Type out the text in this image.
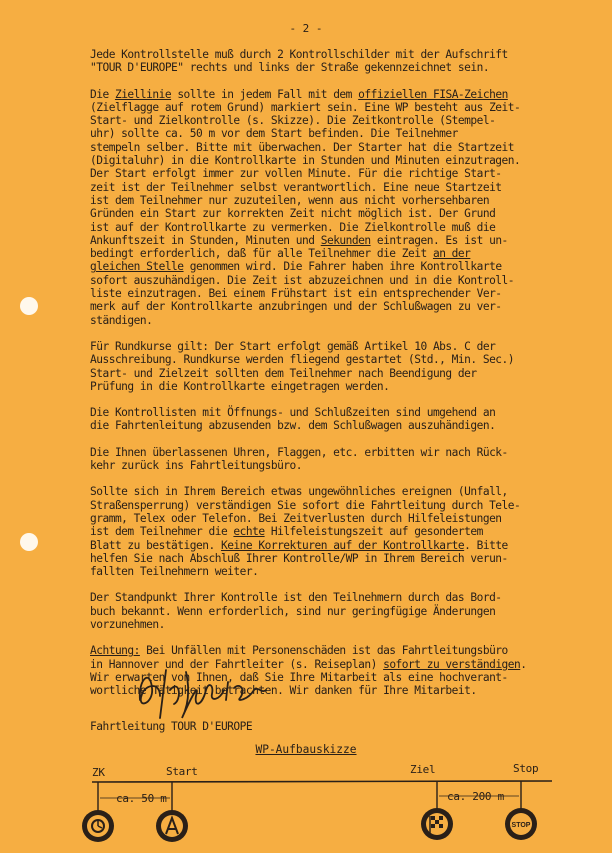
- 2 -

Jede Kontrollstelle muß durch 2 Kontrollschilder mit der Aufschrift
"TOUR D'EUROPE" rechts und links der Straße gekennzeichnet sein.

Die Ziellinie sollte in jedem Fall mit dem offiziellen FISA-Zeichen
(Zielflagge auf rotem Grund) markiert sein. Eine WP besteht aus Zeit-
Start- und Zielkontrolle (s. Skizze). Die Zeitkontrolle (Stempel-
uhr) sollte ca. 50 m vor dem Start befinden. Die Teilnehmer
stempeln selber. Bitte mit überwachen. Der Starter hat die Startzeit
(Digitaluhr) in die Kontrollkarte in Stunden und Minuten einzutragen.
Der Start erfolgt immer zur vollen Minute. Für die richtige Start-
zeit ist der Teilnehmer selbst verantwortlich. Eine neue Startzeit
ist dem Teilnehmer nur zuzuteilen, wenn aus nicht vorhersehbaren
Gründen ein Start zur korrekten Zeit nicht möglich ist. Der Grund
ist auf der Kontrollkarte zu vermerken. Die Zielkontrolle muß die
Ankunftszeit in Stunden, Minuten und Sekunden eintragen. Es ist un-
bedingt erforderlich, daß für alle Teilnehmer die Zeit an der
gleichen Stelle genommen wird. Die Fahrer haben ihre Kontrollkarte
sofort auszuhändigen. Die Zeit ist abzuzeichnen und in die Kontroll-
liste einzutragen. Bei einem Frühstart ist ein entsprechender Ver-
merk auf der Kontrollkarte anzubringen und der Schlußwagen zu ver-
ständigen.

Für Rundkurse gilt: Der Start erfolgt gemäß Artikel 10 Abs. C der
Ausschreibung. Rundkurse werden fliegend gestartet (Std., Min. Sec.)
Start- und Zielzeit sollten dem Teilnehmer nach Beendigung der
Prüfung in die Kontrollkarte eingetragen werden.

Die Kontrollisten mit Öffnungs- und Schlußzeiten sind umgehend an
die Fahrtenleitung abzusenden bzw. dem Schlußwagen auszuhändigen.

Die Ihnen überlassenen Uhren, Flaggen, etc. erbitten wir nach Rück-
kehr zurück ins Fahrtleitungsbüro.

Sollte sich in Ihrem Bereich etwas ungewöhnliches ereignen (Unfall,
Straßensperrung) verständigen Sie sofort die Fahrtleitung durch Tele-
gramm, Telex oder Telefon. Bei Zeitverlusten durch Hilfeleistungen
ist dem Teilnehmer die echte Hilfeleistungszeit auf gesondertem
Blatt zu bestätigen. Keine Korrekturen auf der Kontrollkarte. Bitte
helfen Sie nach Abschluß Ihrer Kontrolle/WP in Ihrem Bereich verun-
fallten Teilnehmern weiter.

Der Standpunkt Ihrer Kontrolle ist den Teilnehmern durch das Bord-
buch bekannt. Wenn erforderlich, sind nur geringfügige Änderungen
vorzunehmen.

Achtung: Bei Unfällen mit Personenschäden ist das Fahrtleitungsbüro
in Hannover und der Fahrtleiter (s. Reiseplan) sofort zu verständigen.
Wir erwarten von Ihnen, daß Sie Ihre Mitarbeit als eine hochverant-
wortliche Tätigkeit betrachten. Wir danken für Ihre Mitarbeit.

Fahrtleitung TOUR D'EUROPE
WP-Aufbauskizze
ZK	Start	Ziel	Stop
ca. 50 m	ca. 200 m
STOP
